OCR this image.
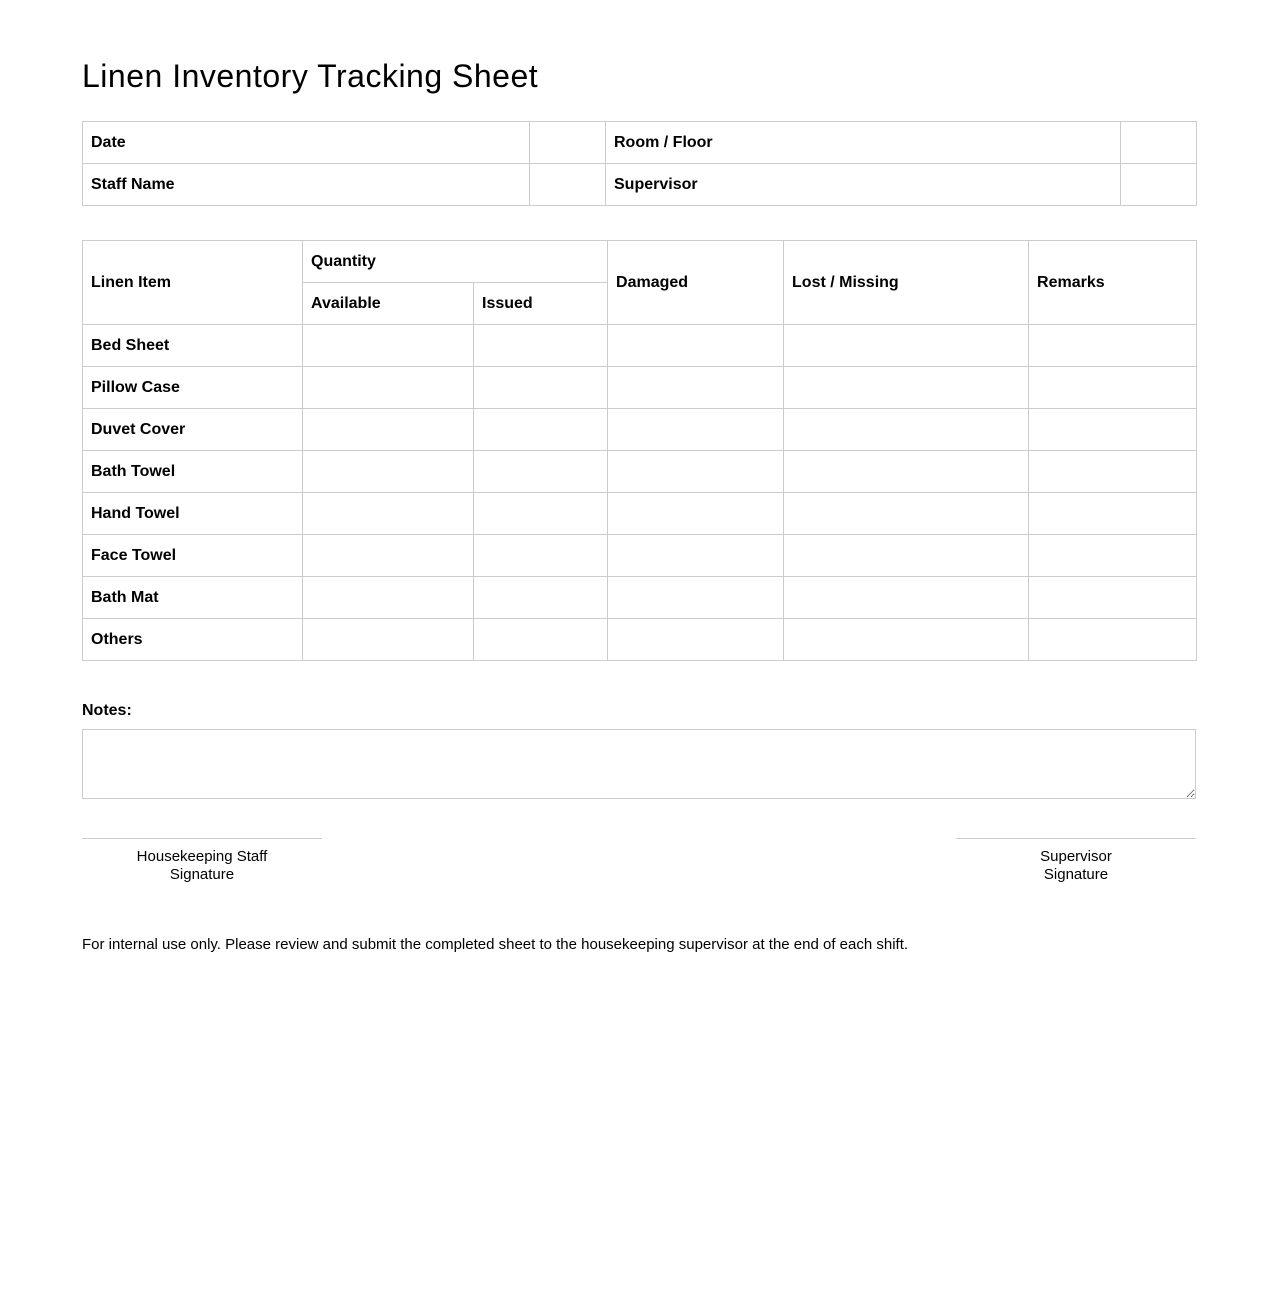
Linen Inventory Tracking Sheet
Date		Room / Floor	
Staff Name		Supervisor	
Linen Item	Quantity		Damaged	Lost / Missing	Remarks
	Available	Issued			
Bed Sheet					
Pillow Case					
Duvet Cover					
Bath Towel					
Hand Towel					
Face Towel					
Bath Mat					
Others					
Notes:
Housekeeping Staff
Signature
Supervisor
Signature
For internal use only. Please review and submit the completed sheet to the housekeeping supervisor at the end of each shift.
